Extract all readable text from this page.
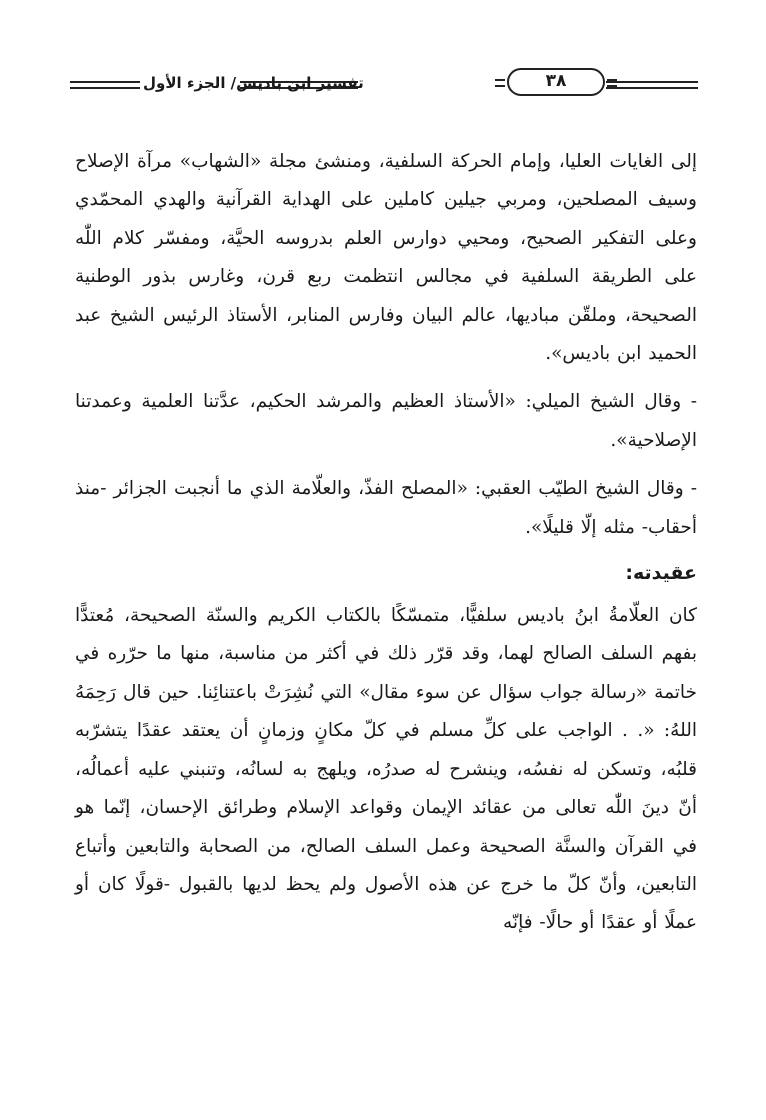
٣٨
تفسير ابن باديس/ الجزء الأول

إلى الغايات العليا، وإمام الحركة السلفية، ومنشئ مجلة «الشهاب» مرآة الإصلاح وسيف المصلحين، ومربي جيلين كاملين على الهداية القرآنية والهدي المحمّدي وعلى التفكير الصحيح، ومحيي دوارس العلم بدروسه الحيَّة، ومفسّر كلام اللّٰه على الطريقة السلفية في مجالس انتظمت ربع قرن، وغارس بذور الوطنية الصحيحة، وملقّن مباديها، عالم البيان وفارس المنابر، الأستاذ الرئيس الشيخ عبد الحميد ابن باديس».

- وقال الشيخ الميلي: «الأستاذ العظيم والمرشد الحكيم، عدَّتنا العلمية وعمدتنا الإصلاحية».

- وقال الشيخ الطيّب العقبي: «المصلح الفذّ، والعلّامة الذي ما أنجبت الجزائر -منذ أحقاب- مثله إلّا قليلًا».

عقيدته:

كان العلّامةُ ابنُ باديس سلفيًّا، متمسّكًا بالكتاب الكريم والسنّة الصحيحة، مُعتدًّا بفهم السلف الصالح لهما، وقد قرّر ذلك في أكثر من مناسبة، منها ما حرّره في خاتمة «رسالة جواب سؤال عن سوء مقال» التي نُشِرَتْ باعتنائِنا. حين قال رَحِمَهُ اللهُ: «. . الواجب على كلِّ مسلم في كلّ مكانٍ وزمانٍ أن يعتقد عقدًا يتشرّبه قلبُه، وتسكن له نفسُه، وينشرح له صدرُه، ويلهج به لسانُه، وتنبني عليه أعمالُه، أنّ دينَ اللّٰه تعالى من عقائد الإيمان وقواعد الإسلام وطرائق الإحسان، إنّما هو في القرآن والسنَّة الصحيحة وعمل السلف الصالح، من الصحابة والتابعين وأتباع التابعين، وأنّ كلّ ما خرج عن هذه الأصول ولم يحظ لديها بالقبول -قولًا كان أو عملًا أو عقدًا أو حالًا- فإنّه
